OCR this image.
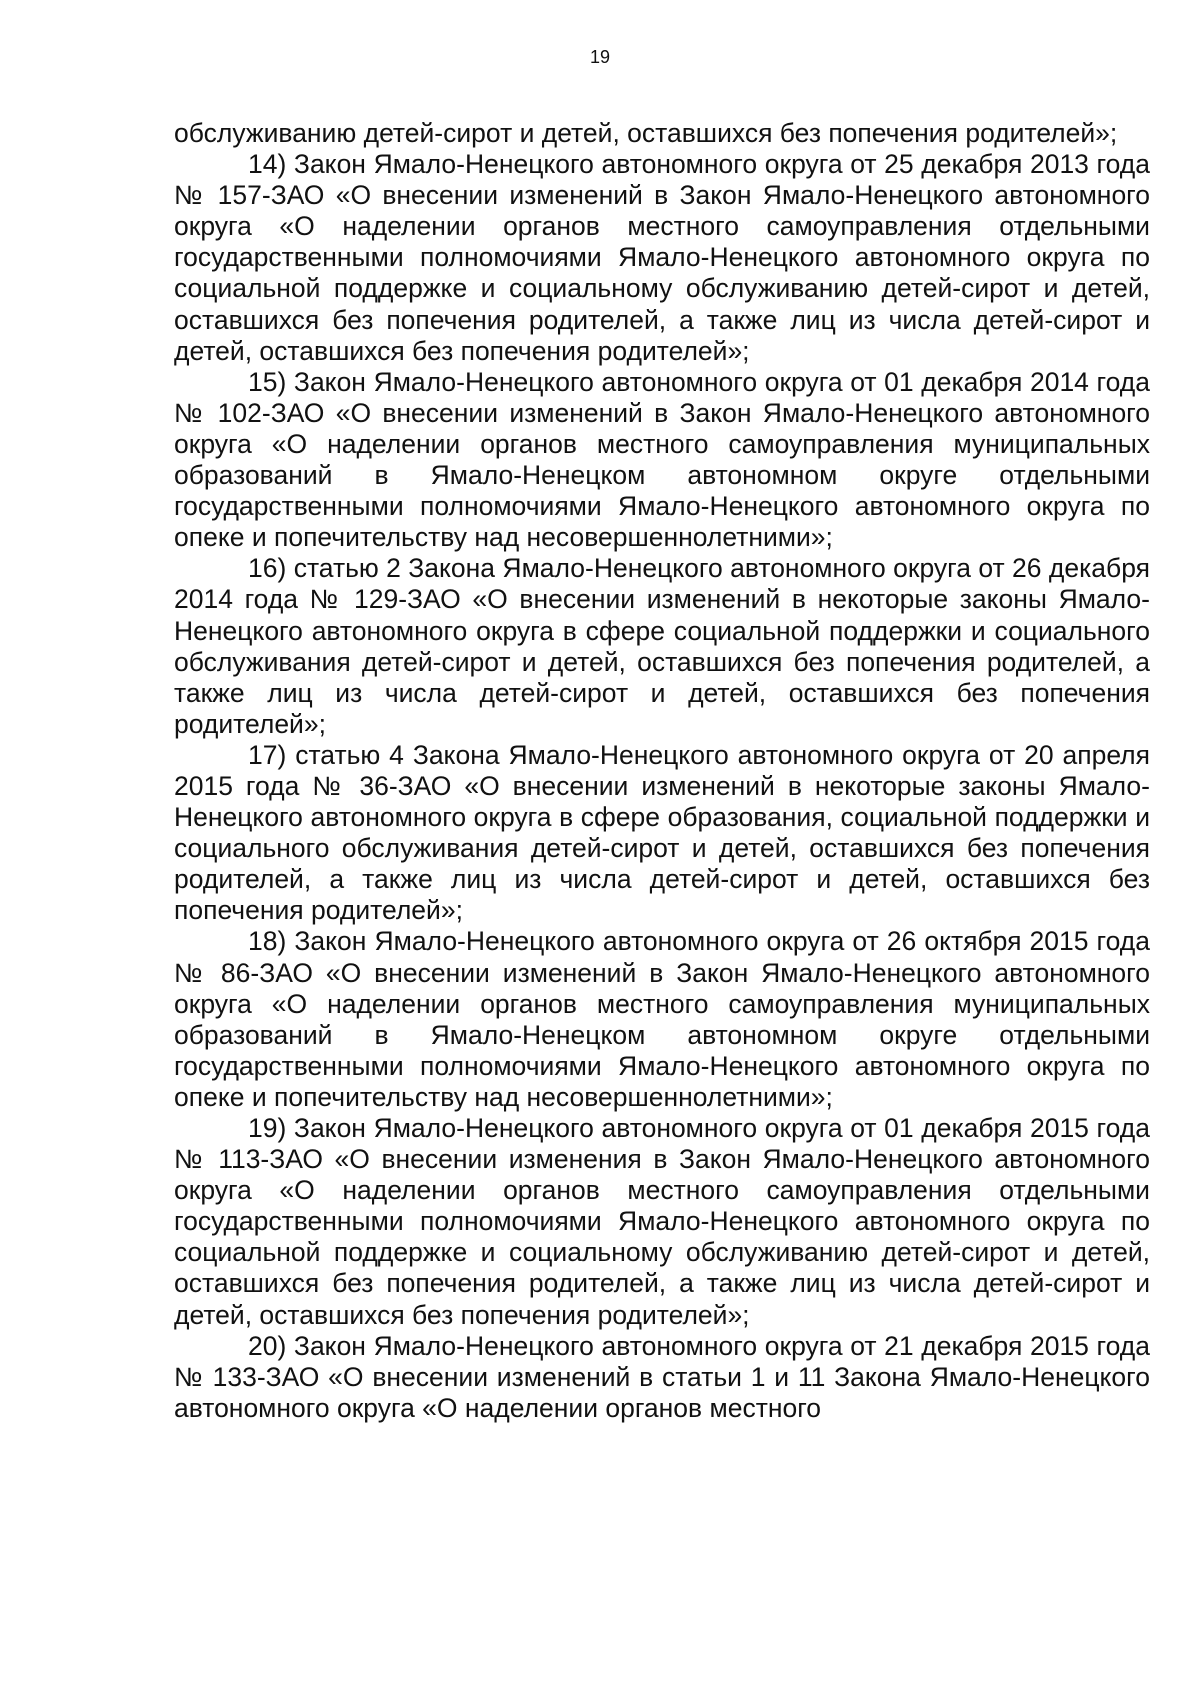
19

обслуживанию детей-сирот и детей, оставшихся без попечения родителей»;

14) Закон Ямало-Ненецкого автономного округа от 25 декабря 2013 года № 157-ЗАО «О внесении изменений в Закон Ямало-Ненецкого автономного округа «О наделении органов местного самоуправления отдельными государственными полномочиями Ямало-Ненецкого автономного округа по социальной поддержке и социальному обслуживанию детей-сирот и детей, оставшихся без попечения родителей, а также лиц из числа детей-сирот и детей, оставшихся без попечения родителей»;

15) Закон Ямало-Ненецкого автономного округа от 01 декабря 2014 года № 102-ЗАО «О внесении изменений в Закон Ямало-Ненецкого автономного округа «О наделении органов местного самоуправления муниципальных образований в Ямало-Ненецком автономном округе отдельными государственными полномочиями Ямало-Ненецкого автономного округа по опеке и попечительству над несовершеннолетними»;

16) статью 2 Закона Ямало-Ненецкого автономного округа от 26 декабря 2014 года № 129-ЗАО «О внесении изменений в некоторые законы Ямало-Ненецкого автономного округа в сфере социальной поддержки и социального обслуживания детей-сирот и детей, оставшихся без попечения родителей, а также лиц из числа детей-сирот и детей, оставшихся без попечения родителей»;

17) статью 4 Закона Ямало-Ненецкого автономного округа от 20 апреля 2015 года № 36-ЗАО «О внесении изменений в некоторые законы Ямало-Ненецкого автономного округа в сфере образования, социальной поддержки и социального обслуживания детей-сирот и детей, оставшихся без попечения родителей, а также лиц из числа детей-сирот и детей, оставшихся без попечения родителей»;

18) Закон Ямало-Ненецкого автономного округа от 26 октября 2015 года № 86-ЗАО «О внесении изменений в Закон Ямало-Ненецкого автономного округа «О наделении органов местного самоуправления муниципальных образований в Ямало-Ненецком автономном округе отдельными государственными полномочиями Ямало-Ненецкого автономного округа по опеке и попечительству над несовершеннолетними»;

19) Закон Ямало-Ненецкого автономного округа от 01 декабря 2015 года № 113-ЗАО «О внесении изменения в Закон Ямало-Ненецкого автономного округа «О наделении органов местного самоуправления отдельными государственными полномочиями Ямало-Ненецкого автономного округа по социальной поддержке и социальному обслуживанию детей-сирот и детей, оставшихся без попечения родителей, а также лиц из числа детей-сирот и детей, оставшихся без попечения родителей»;

20) Закон Ямало-Ненецкого автономного округа от 21 декабря 2015 года № 133-ЗАО «О внесении изменений в статьи 1 и 11 Закона Ямало-Ненецкого автономного округа «О наделении органов местного
